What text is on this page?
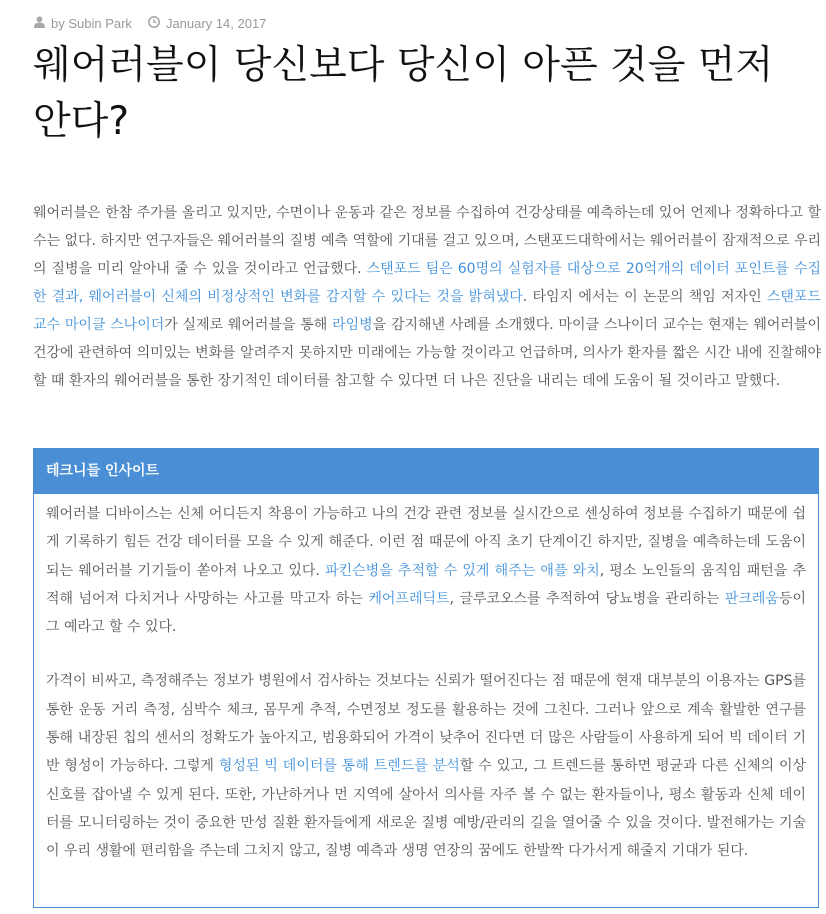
by Subin Park	January 14, 2017
웨어러블이 당신보다 당신이 아픈 것을 먼저 안다?

웨어러블은 한참 주가를 올리고 있지만, 수면이나 운동과 같은 정보를 수집하여 건강상태를 예측하는데 있어 언제나 정확하다고 할 수는 없다. 하지만 연구자들은 웨어러블의 질병 예측 역할에 기대를 걸고 있으며, 스탠포드대학에서는 웨어러블이 잠재적으로 우리의 질병을 미리 알아내 줄 수 있을 것이라고 언급했다. 스탠포드 팀은 60명의 실험자를 대상으로 20억개의 데이터 포인트를 수집한 결과, 웨어러블이 신체의 비정상적인 변화를 감지할 수 있다는 것을 밝혀냈다. 타임지 에서는 이 논문의 책임 저자인 스탠포드 교수 마이클 스나이더가 실제로 웨어러블을 통해 라임병을 감지해낸 사례를 소개했다. 마이클 스나이더 교수는 현재는 웨어러블이 건강에 관련하여 의미있는 변화를 알려주지 못하지만 미래에는 가능할 것이라고 언급하며, 의사가 환자를 짧은 시간 내에 진찰해야 할 때 환자의 웨어러블을 통한 장기적인 데이터를 참고할 수 있다면 더 나은 진단을 내리는 데에 도움이 될 것이라고 말했다.

테크니들 인사이트

웨어러블 디바이스는 신체 어디든지 착용이 가능하고 나의 건강 관련 정보를 실시간으로 센싱하여 정보를 수집하기 때문에 쉽게 기록하기 힘든 건강 데이터를 모을 수 있게 해준다. 이런 점 때문에 아직 초기 단계이긴 하지만, 질병을 예측하는데 도움이 되는 웨어러블 기기들이 쏟아져 나오고 있다. 파킨슨병을 추적할 수 있게 해주는 애플 와치, 평소 노인들의 움직임 패턴을 추적해 넘어져 다치거나 사망하는 사고를 막고자 하는 케어프레딕트, 글루코오스를 추적하여 당뇨병을 관리하는 판크레움등이 그 예라고 할 수 있다.

가격이 비싸고, 측정해주는 정보가 병원에서 검사하는 것보다는 신뢰가 떨어진다는 점 때문에 현재 대부분의 이용자는 GPS를 통한 운동 거리 측정, 심박수 체크, 몸무게 추적, 수면정보 정도를 활용하는 것에 그친다. 그러나 앞으로 계속 활발한 연구를 통해 내장된 칩의 센서의 정확도가 높아지고, 범용화되어 가격이 낮추어 진다면 더 많은 사람들이 사용하게 되어 빅 데이터 기반 형성이 가능하다. 그렇게 형성된 빅 데이터를 통해 트렌드를 분석할 수 있고, 그 트렌드를 통하면 평균과 다른 신체의 이상 신호를 잡아낼 수 있게 된다. 또한, 가난하거나 먼 지역에 살아서 의사를 자주 볼 수 없는 환자들이나, 평소 활동과 신체 데이터를 모니터링하는 것이 중요한 만성 질환 환자들에게 새로운 질병 예방/관리의 길을 열어줄 수 있을 것이다. 발전해가는 기술이 우리 생활에 편리함을 주는데 그치지 않고, 질병 예측과 생명 연장의 꿈에도 한발짝 다가서게 해줄지 기대가 된다.
